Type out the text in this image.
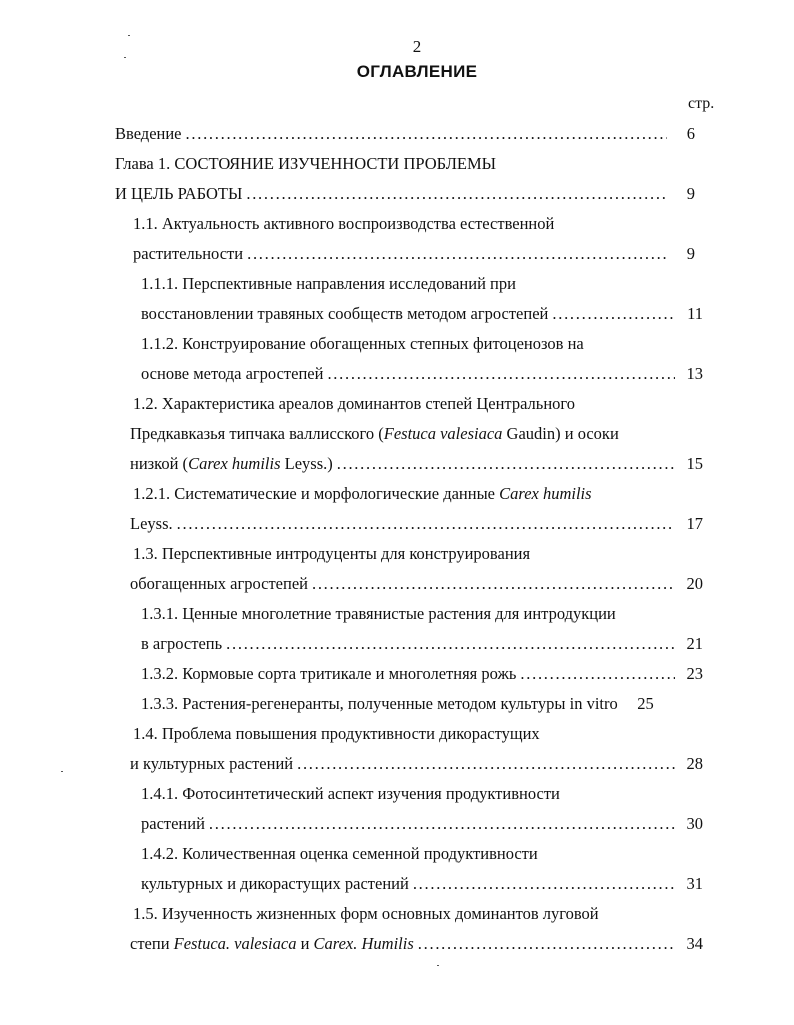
2
ОГЛАВЛЕНИЕ
стр.
Введение . . .	6
Глава 1. СОСТОЯНИЕ ИЗУЧЕННОСТИ ПРОБЛЕМЫ
И ЦЕЛЬ РАБОТЫ . . .	9
1.1. Актуальность активного воспроизводства естественной
растительности . . .	9
1.1.1. Перспективные направления исследований при
восстановлении травяных сообществ методом агростепей . . .	11
1.1.2. Конструирование обогащенных степных фитоценозов на
основе метода агростепей . . .	13
1.2. Характеристика ареалов доминантов степей Центрального
Предкавказья типчака валлисского (Festuca valesiaca Gaudin) и осоки
низкой (Carex humilis Leyss.) . . .	15
1.2.1. Систематические и морфологические данные Carex humilis
Leyss. . . .	17
1.3. Перспективные интродуценты для конструирования
обогащенных агростепей . . .	20
1.3.1. Ценные многолетние травянистые растения для интродукции
в агростепь . . .	21
1.3.2. Кормовые сорта тритикале и многолетняя рожь . . .	23
1.3.3. Растения-регенеранты, полученные методом культуры in vitro	25
1.4. Проблема повышения продуктивности дикорастущих
и культурных растений . . .	28
1.4.1. Фотосинтетический аспект изучения продуктивности
растений . . .	30
1.4.2. Количественная оценка семенной продуктивности
культурных и дикорастущих растений . . .	31
1.5. Изученность жизненных форм основных доминантов луговой
степи Festuca. valesiaca и Carex. Humilis . . .	34
